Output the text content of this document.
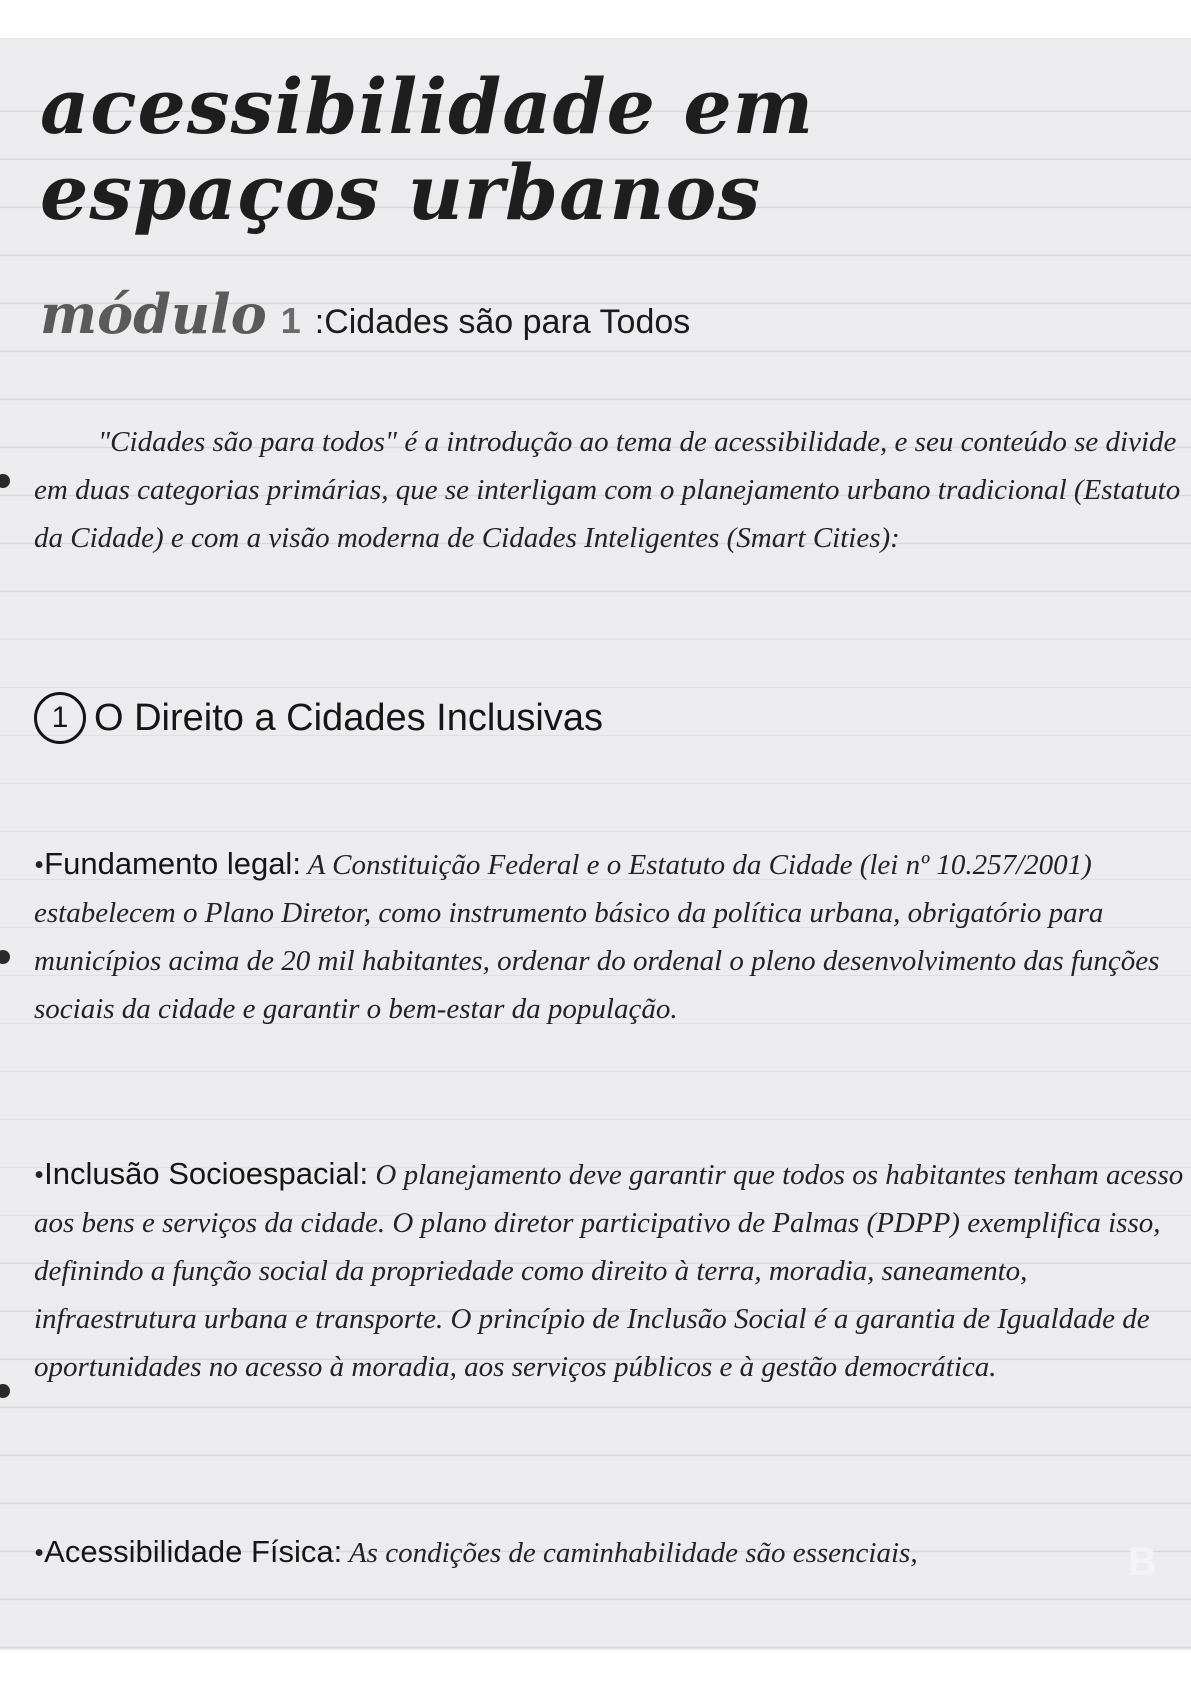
acessibilidade em
espaços urbanos
módulo 1 :Cidades são para Todos
"Cidades são para todos" é a introdução ao tema de acessibilidade, e seu conteúdo se divide em duas categorias primárias, que se interligam com o planejamento urbano tradicional (Estatuto da Cidade) e com a visão moderna de Cidades Inteligentes (Smart Cities):
1 O Direito a Cidades Inclusivas
•Fundamento legal: A Constituição Federal e o Estatuto da Cidade (lei nº 10.257/2001) estabelecem o Plano Diretor, como instrumento básico da política urbana, obrigatório para municípios acima de 20 mil habitantes, ordenar do ordenal o pleno desenvolvimento das funções sociais da cidade e garantir o bem-estar da população.
•Inclusão Socioespacial: O planejamento deve garantir que todos os habitantes tenham acesso aos bens e serviços da cidade. O plano diretor participativo de Palmas (PDPP) exemplifica isso, definindo a função social da propriedade como direito à terra, moradia, saneamento, infraestrutura urbana e transporte. O princípio de Inclusão Social é a garantia de Igualdade de oportunidades no acesso à moradia, aos serviços públicos e à gestão democrática.
•Acessibilidade Física: As condições de caminhabilidade são essenciais,	B
